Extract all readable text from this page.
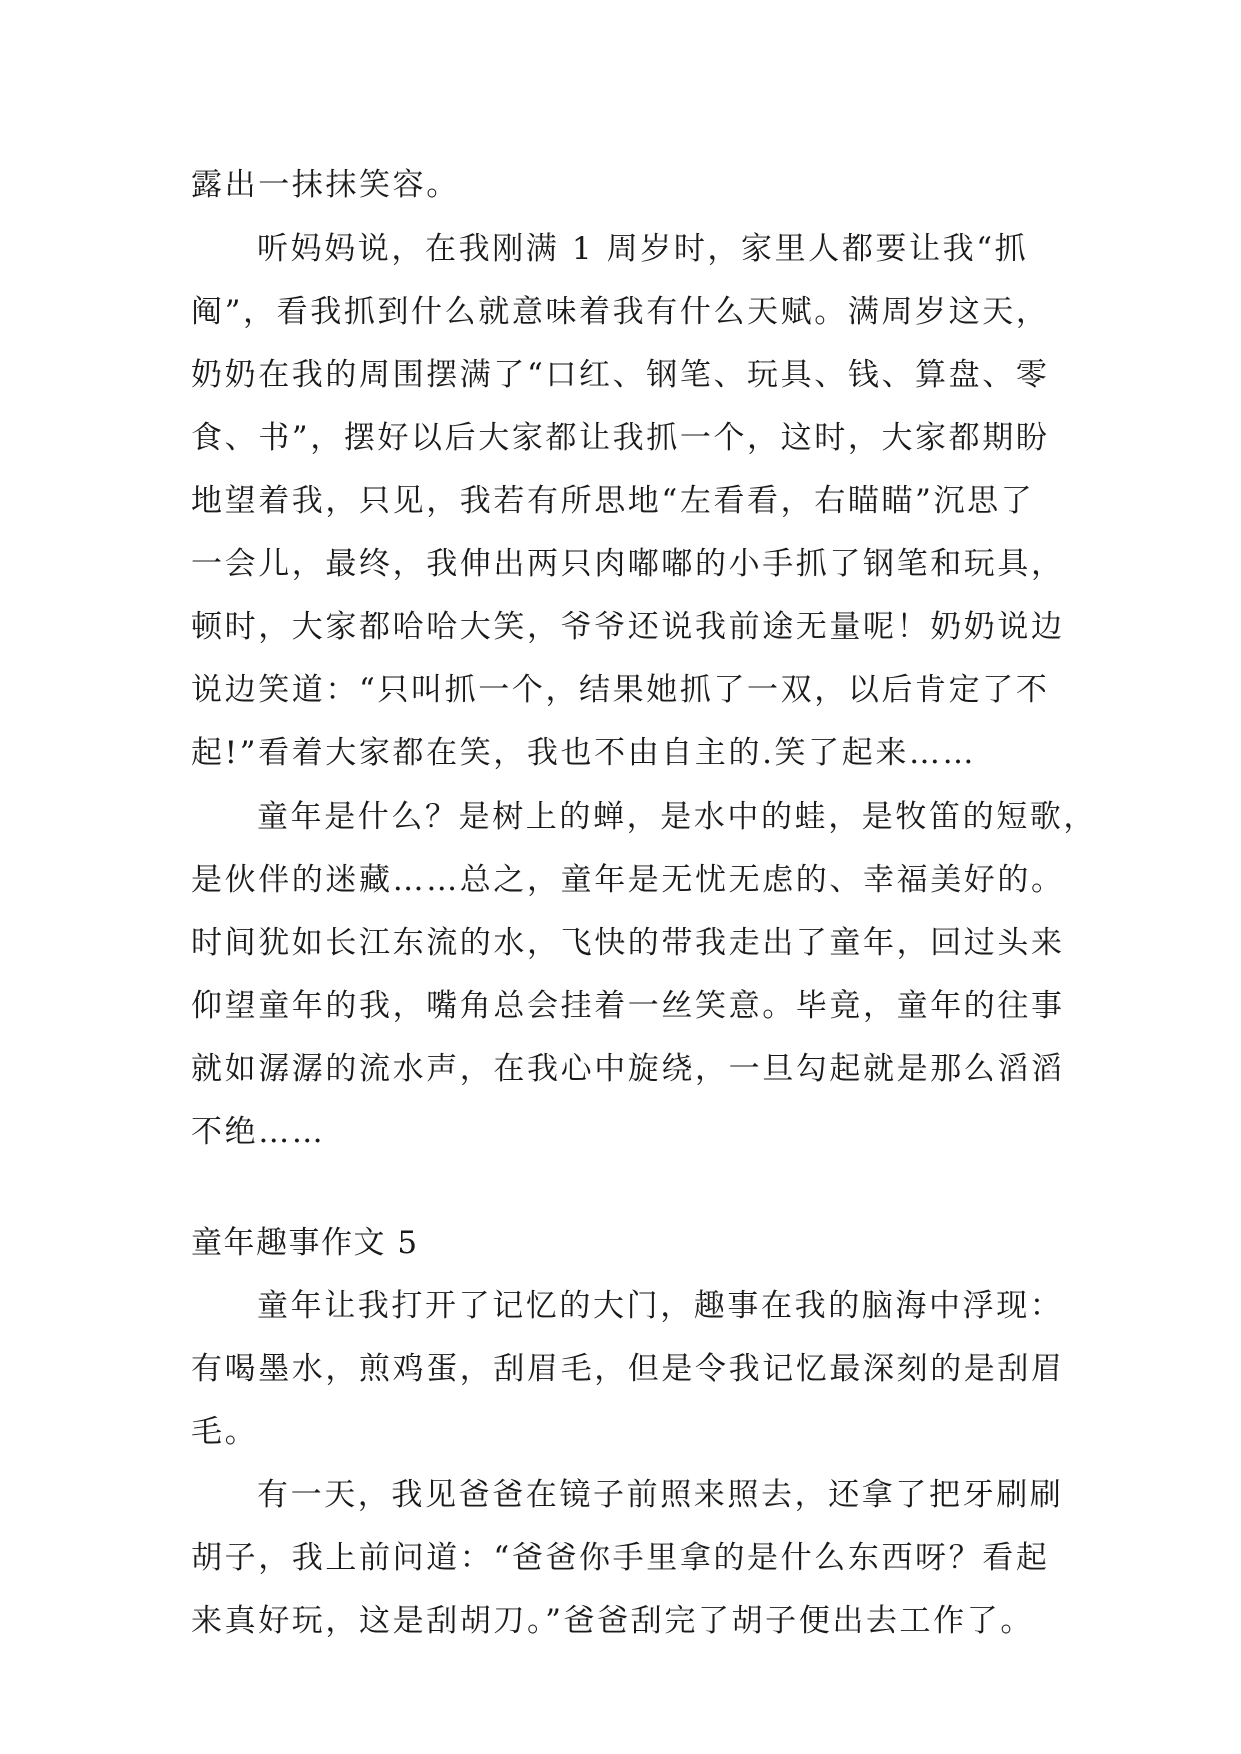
露出一抹抹笑容。
听妈妈说，在我刚满 1 周岁时，家里人都要让我“抓
阄”，看我抓到什么就意味着我有什么天赋。满周岁这天，
奶奶在我的周围摆满了“口红、钢笔、玩具、钱、算盘、零
食、书”，摆好以后大家都让我抓一个，这时，大家都期盼
地望着我，只见，我若有所思地“左看看，右瞄瞄”沉思了
一会儿，最终，我伸出两只肉嘟嘟的小手抓了钢笔和玩具，
顿时，大家都哈哈大笑，爷爷还说我前途无量呢！奶奶说边
说边笑道：“只叫抓一个，结果她抓了一双，以后肯定了不
起!”看着大家都在笑，我也不由自主的.笑了起来……
童年是什么？是树上的蝉，是水中的蛙，是牧笛的短歌，
是伙伴的迷藏……总之，童年是无忧无虑的、幸福美好的。
时间犹如长江东流的水，飞快的带我走出了童年，回过头来
仰望童年的我，嘴角总会挂着一丝笑意。毕竟，童年的往事
就如潺潺的流水声，在我心中旋绕，一旦勾起就是那么滔滔
不绝……
童年趣事作文 5
童年让我打开了记忆的大门，趣事在我的脑海中浮现：
有喝墨水，煎鸡蛋，刮眉毛，但是令我记忆最深刻的是刮眉
毛。
有一天，我见爸爸在镜子前照来照去，还拿了把牙刷刷
胡子，我上前问道：“爸爸你手里拿的是什么东西呀？看起
来真好玩，这是刮胡刀。”爸爸刮完了胡子便出去工作了。
